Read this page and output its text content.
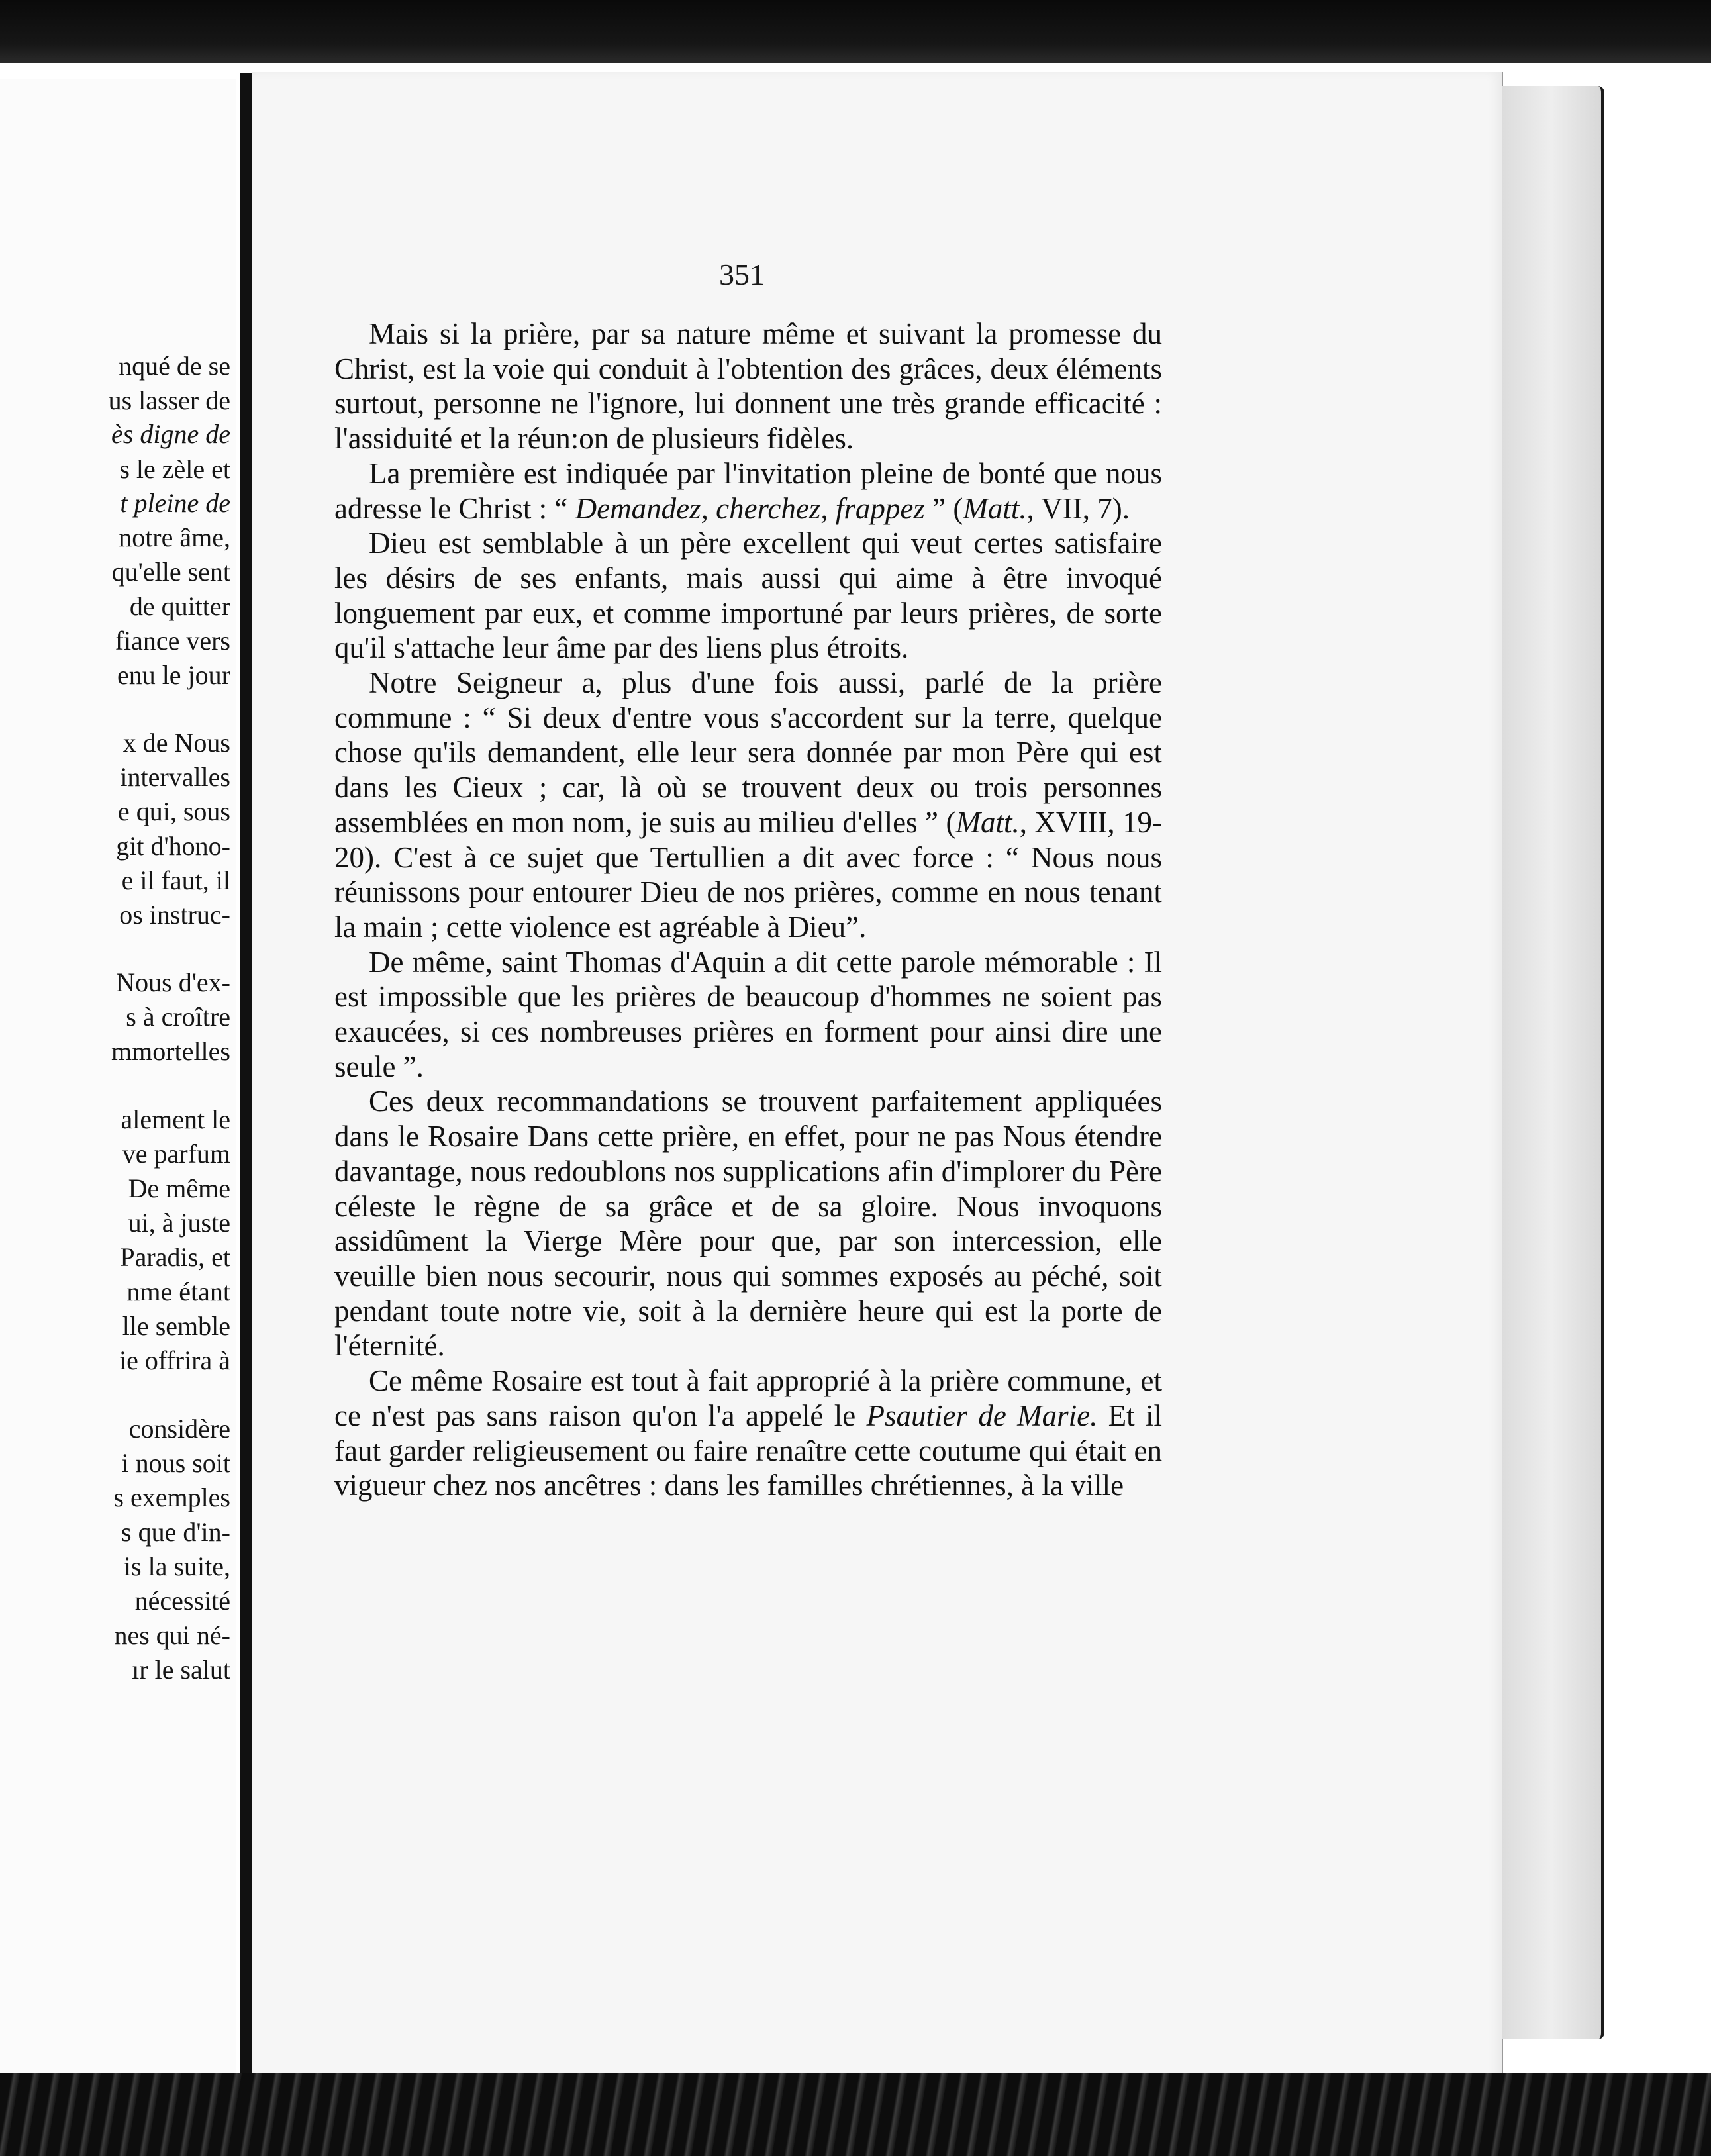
nqué de se
us lasser de
ès digne de
s le zèle et
t pleine de
notre âme,
qu'elle sent
de quitter
fiance vers
enu le jour
x de Nous
intervalles
e qui, sous
git d'hono-
e il faut, il
os instruc-
Nous d'ex-
s à croître
mmortelles
alement le
ve parfum
De même
ui, à juste
Paradis, et
nme étant
lle semble
ie offrira à
considère
i nous soit
s exemples
s que d'in-
is la suite,
nécessité
nes qui né-
ır le salut
351

Mais si la prière, par sa nature même et suivant la promesse du Christ, est la voie qui conduit à l'obtention des grâces, deux éléments surtout, personne ne l'ignore, lui donnent une très grande efficacité : l'assiduité et la réun:on de plusieurs fidèles.

La première est indiquée par l'invitation pleine de bonté que nous adresse le Christ : “ Demandez, cherchez, frappez ” (Matt., VII, 7).

Dieu est semblable à un père excellent qui veut certes satisfaire les désirs de ses enfants, mais aussi qui aime à être invoqué longuement par eux, et comme importuné par leurs prières, de sorte qu'il s'attache leur âme par des liens plus étroits.

Notre Seigneur a, plus d'une fois aussi, parlé de la prière commune : “ Si deux d'entre vous s'accordent sur la terre, quelque chose qu'ils demandent, elle leur sera donnée par mon Père qui est dans les Cieux ; car, là où se trouvent deux ou trois personnes assemblées en mon nom, je suis au milieu d'elles ” (Matt., XVIII, 19-20). C'est à ce sujet que Tertullien a dit avec force : “ Nous nous réunissons pour entourer Dieu de nos prières, comme en nous tenant la main ; cette violence est agréable à Dieu”.

De même, saint Thomas d'Aquin a dit cette parole mémorable : Il est impossible que les prières de beaucoup d'hommes ne soient pas exaucées, si ces nombreuses prières en forment pour ainsi dire une seule ”.

Ces deux recommandations se trouvent parfaitement appliquées dans le Rosaire Dans cette prière, en effet, pour ne pas Nous étendre davantage, nous redoublons nos supplications afin d'implorer du Père céleste le règne de sa grâce et de sa gloire. Nous invoquons assidûment la Vierge Mère pour que, par son intercession, elle veuille bien nous secourir, nous qui sommes exposés au péché, soit pendant toute notre vie, soit à la dernière heure qui est la porte de l'éternité.

Ce même Rosaire est tout à fait approprié à la prière commune, et ce n'est pas sans raison qu'on l'a appelé le Psautier de Marie. Et il faut garder religieusement ou faire renaître cette coutume qui était en vigueur chez nos ancêtres : dans les familles chrétiennes, à la ville
